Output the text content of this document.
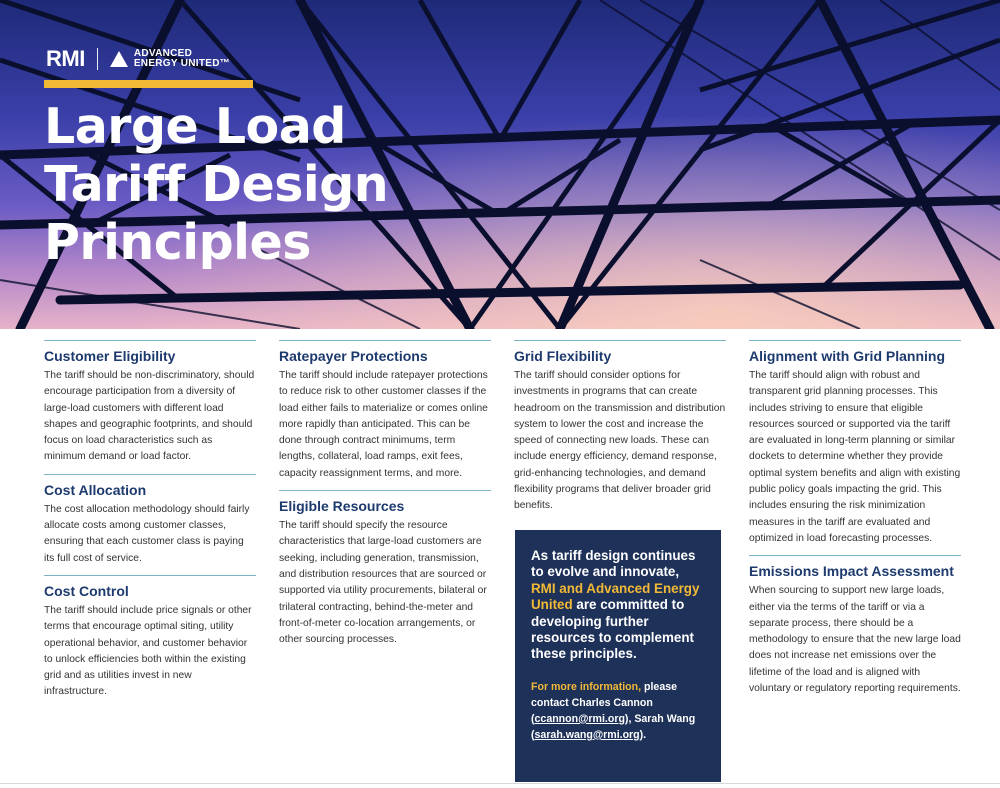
RMI	ADVANCED
ENERGY UNITED™
Large Load
Tariff Design
Principles
Customer Eligibility

The tariff should be non-discriminatory, should encourage participation from a diversity of large-load customers with different load shapes and geographic footprints, and should focus on load characteristics such as minimum demand or load factor.

Cost Allocation

The cost allocation methodology should fairly allocate costs among customer classes, ensuring that each customer class is paying its full cost of service.

Cost Control

The tariff should include price signals or other terms that encourage optimal siting, utility operational behavior, and customer behavior to unlock efficiencies both within the existing grid and as utilities invest in new infrastructure.

Ratepayer Protections

The tariff should include ratepayer protections to reduce risk to other customer classes if the load either fails to materialize or comes online more rapidly than anticipated. This can be done through contract minimums, term lengths, collateral, load ramps, exit fees, capacity reassignment terms, and more.

Eligible Resources

The tariff should specify the resource characteristics that large-load customers are seeking, including generation, transmission, and distribution resources that are sourced or supported via utility procurements, bilateral or trilateral contracting, behind-the-meter and front-of-meter co-location arrangements, or other sourcing processes.

Grid Flexibility

The tariff should consider options for investments in programs that can create headroom on the transmission and distribution system to lower the cost and increase the speed of connecting new loads. These can include energy efficiency, demand response, grid-enhancing technologies, and demand flexibility programs that deliver broader grid benefits.

As tariff design continues to evolve and innovate, RMI and Advanced Energy United are committed to developing further resources to complement these principles.

For more information, please contact Charles Cannon (ccannon@rmi.org), Sarah Wang (sarah.wang@rmi.org).

Alignment with Grid Planning

The tariff should align with robust and transparent grid planning processes. This includes striving to ensure that eligible resources sourced or supported via the tariff are evaluated in long-term planning or similar dockets to determine whether they provide optimal system benefits and align with existing public policy goals impacting the grid. This includes ensuring the risk minimization measures in the tariff are evaluated and optimized in load forecasting processes.

Emissions Impact Assessment

When sourcing to support new large loads, either via the terms of the tariff or via a separate process, there should be a methodology to ensure that the new large load does not increase net emissions over the lifetime of the load and is aligned with voluntary or regulatory reporting requirements.
